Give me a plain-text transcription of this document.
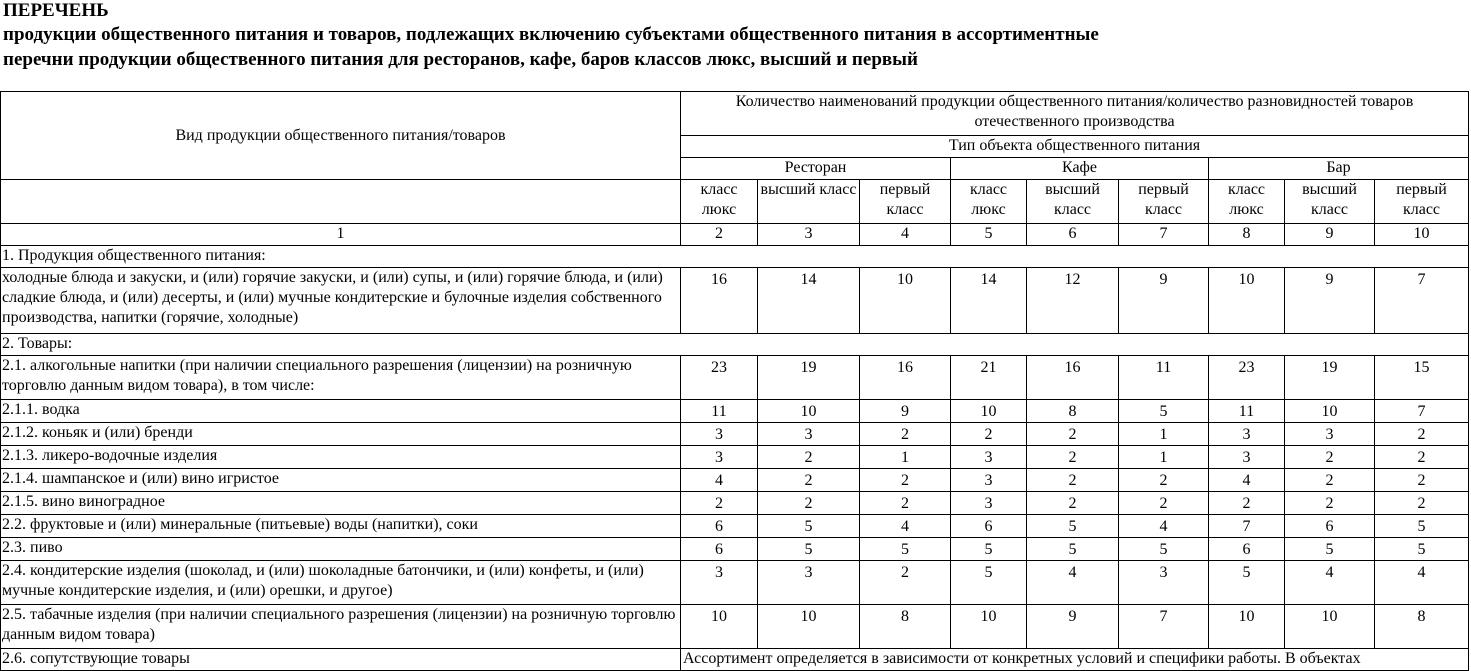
ПЕРЕЧЕНЬ
продукции общественного питания и товаров, подлежащих включению субъектами общественного питания в ассортиментные
перечни продукции общественного питания для ресторанов, кафе, баров классов люкс, высший и первый
Вид продукции общественного питания/товаров	Количество наименований продукции общественного питания/количество разновидностей товаров отечественного производства								
	Тип объекта общественного питания								
	Ресторан			Кафе			Бар		
	класс люкс	высший класс	первый класс	класс люкс	высший класс	первый класс	класс люкс	высший класс	первый класс
1	2	3	4	5	6	7	8	9	10
1. Продукция общественного питания:									
холодные блюда и закуски, и (или) горячие закуски, и (или) супы, и (или) горячие блюда, и (или) сладкие блюда, и (или) десерты, и (или) мучные кондитерские и булочные изделия собственного производства, напитки (горячие, холодные)	16	14	10	14	12	9	10	9	7
2. Товары:									
2.1. алкогольные напитки (при наличии специального разрешения (лицензии) на розничную торговлю данным видом товара), в том числе:	23	19	16	21	16	11	23	19	15
2.1.1. водка	11	10	9	10	8	5	11	10	7
2.1.2. коньяк и (или) бренди	3	3	2	2	2	1	3	3	2
2.1.3. ликеро-водочные изделия	3	2	1	3	2	1	3	2	2
2.1.4. шампанское и (или) вино игристое	4	2	2	3	2	2	4	2	2
2.1.5. вино виноградное	2	2	2	3	2	2	2	2	2
2.2. фруктовые и (или) минеральные (питьевые) воды (напитки), соки	6	5	4	6	5	4	7	6	5
2.3. пиво	6	5	5	5	5	5	6	5	5
2.4. кондитерские изделия (шоколад, и (или) шоколадные батончики, и (или) конфеты, и (или) мучные кондитерские изделия, и (или) орешки, и другое)	3	3	2	5	4	3	5	4	4
2.5. табачные изделия (при наличии специального разрешения (лицензии) на розничную торговлю данным видом товара)	10	10	8	10	9	7	10	10	8
2.6. сопутствующие товары	Ассортимент определяется в зависимости от конкретных условий и специфики работы. В объектах								
